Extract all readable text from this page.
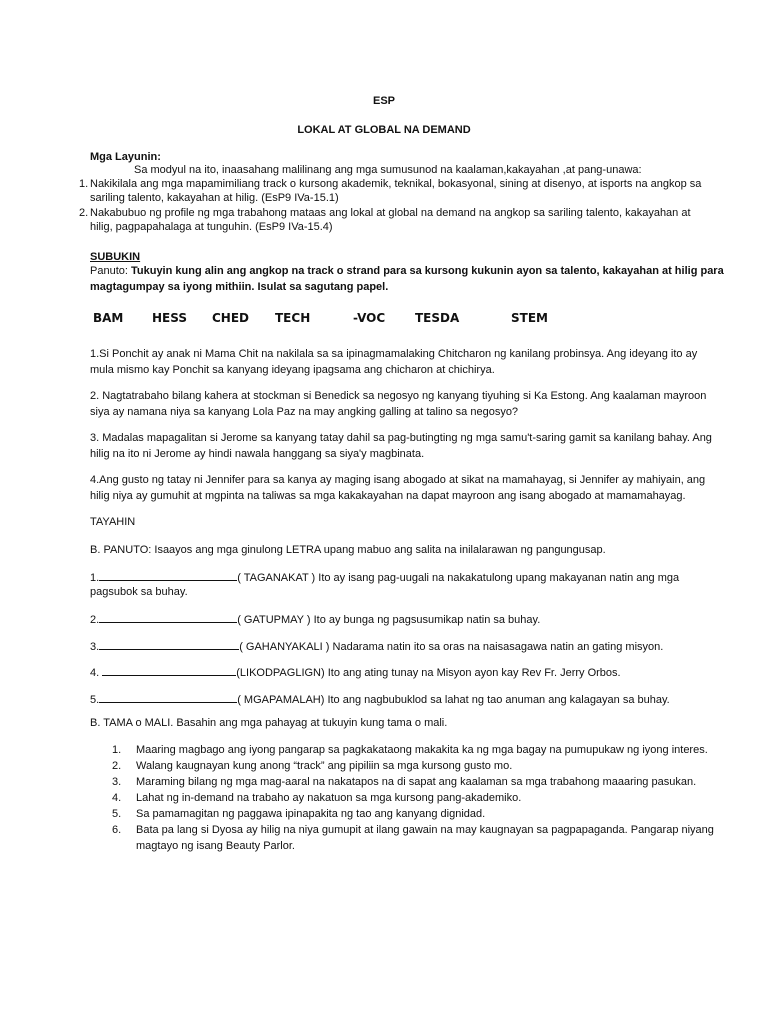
ESP
LOKAL AT GLOBAL NA DEMAND
Mga Layunin:
Sa modyul na ito, inaasahang malilinang ang mga sumusunod na kaalaman,kakayahan ,at pang-unawa:
1. Nakikilala ang mga mapamimiliang track o kursong akademik, teknikal, bokasyonal, sining at disenyo, at isports na angkop sa
sariling talento, kakayahan at hilig. (EsP9 IVa-15.1)
2. Nakabubuo ng profile ng mga trabahong mataas ang lokal at global na demand na angkop sa sariling talento, kakayahan at
hilig, pagpapahalaga at tunguhin. (EsP9 IVa-15.4)
SUBUKIN
Panuto: Tukuyin kung alin ang angkop na track o strand para sa kursong kukunin ayon sa talento, kakayahan at hilig para
magtagumpay sa iyong mithiin. Isulat sa sagutang papel.
BAM HESS CHED TECH	-VOC TESDA	STEM
1.Si Ponchit ay anak ni Mama Chit na nakilala sa sa ipinagmamalaking Chitcharon ng kanilang probinsya. Ang ideyang ito ay
mula mismo kay Ponchit sa kanyang ideyang ipagsama ang chicharon at chichirya.
2. Nagtatrabaho bilang kahera at stockman si Benedick sa negosyo ng kanyang tiyuhing si Ka Estong. Ang kaalaman mayroon
siya ay namana niya sa kanyang Lola Paz na may angking galling at talino sa negosyo?
3. Madalas mapagalitan si Jerome sa kanyang tatay dahil sa pag-butingting ng mga samu't-saring gamit sa kanilang bahay. Ang
hilig na ito ni Jerome ay hindi nawala hanggang sa siya'y magbinata.
4.Ang gusto ng tatay ni Jennifer para sa kanya ay maging isang abogado at sikat na mamahayag, si Jennifer ay mahiyain, ang
hilig niya ay gumuhit at mgpinta na taliwas sa mga kakakayahan na dapat mayroon ang isang abogado at mamamahayag.
TAYAHIN
B. PANUTO: Isaayos ang mga ginulong LETRA upang mabuo ang salita na inilalarawan ng pangungusap.
1.	( TAGANAKAT ) Ito ay isang pag-uugali na nakakatulong upang makayanan natin ang mga
pagsubok sa buhay.
2.	( GATUPMAY ) Ito ay bunga ng pagsusumikap natin sa buhay.
3.	( GAHANYAKALI ) Nadarama natin ito sa oras na naisasagawa natin an gating misyon.
4.	(LIKODPAGLIGN) Ito ang ating tunay na Misyon ayon kay Rev Fr. Jerry Orbos.
5.	( MGAPAMALAH) Ito ang nagbubuklod sa lahat ng tao anuman ang kalagayan sa buhay.
B. TAMA o MALI. Basahin ang mga pahayag at tukuyin kung tama o mali.
1. Maaring magbago ang iyong pangarap sa pagkakataong makakita ka ng mga bagay na pumupukaw ng iyong interes.
2. Walang kaugnayan kung anong “track” ang pipiliin sa mga kursong gusto mo.
3. Maraming bilang ng mga mag-aaral na nakatapos na di sapat ang kaalaman sa mga trabahong maaaring pasukan.
4. Lahat ng in-demand na trabaho ay nakatuon sa mga kursong pang-akademiko.
5. Sa pamamagitan ng paggawa ipinapakita ng tao ang kanyang dignidad.
6. Bata pa lang si Dyosa ay hilig na niya gumupit at ilang gawain na may kaugnayan sa pagpapaganda. Pangarap niyang
magtayo ng isang Beauty Parlor.
